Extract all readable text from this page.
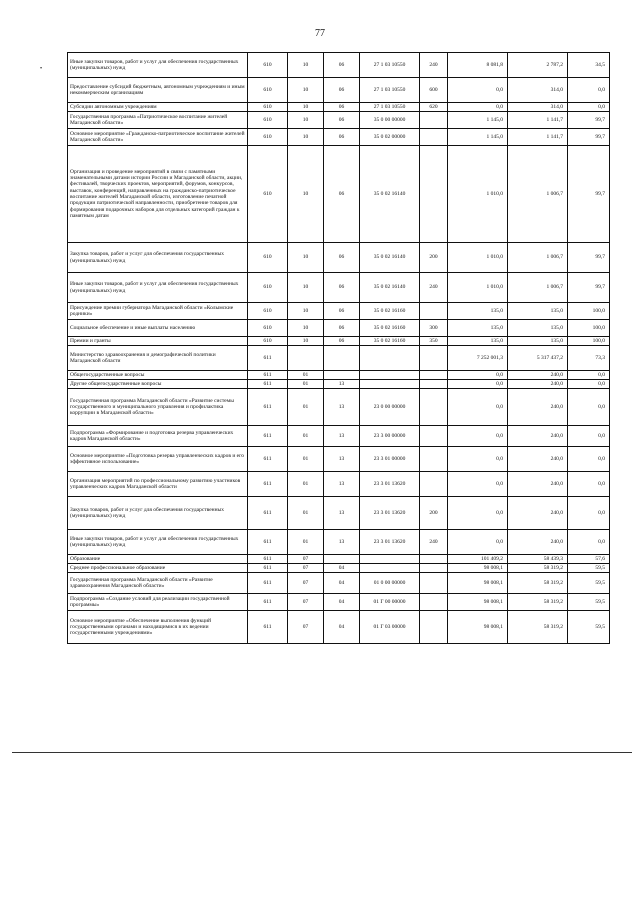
77
•
Иные закупки товаров, работ и услуг для обеспечения государственных (муниципальных) нужд	610	10	06	27 1 03 10550	240	8 081,8	2 787,2	34,5
Предоставление субсидий бюджетным, автономным учреждениям и иным некоммерческим организациям	610	10	06	27 1 03 10550	600	0,0	314,0	0,0
Субсидии автономным учреждениям	610	10	06	27 1 03 10550	620	0,0	314,0	0,0
Государственная программа «Патриотическое воспитание жителей Магаданской области»	610	10	06	35 0 00 00000		1 145,0	1 141,7	99,7
Основное мероприятие «Гражданско-патриотическое воспитание жителей Магаданской области»	610	10	06	35 0 02 00000		1 145,0	1 141,7	99,7
Организация и проведение мероприятий в связи с памятными знаменательными датами истории России и Магаданской области, акции, фестивалей, творческих проектов, мероприятий, форумов, конкурсов, выставок, конференций, направленных на гражданско-патриотическое воспитание жителей Магаданской области, изготовление печатной продукции патриотической направленности, приобретение товаров для формирования подарочных наборов для отдельных категорий граждан к памятным датам	610	10	06	35 0 02 16140		1 010,0	1 006,7	99,7
Закупка товаров, работ и услуг для обеспечения государственных (муниципальных) нужд	610	10	06	35 0 02 16140	200	1 010,0	1 006,7	99,7
Иные закупки товаров, работ и услуг для обеспечения государственных (муниципальных) нужд	610	10	06	35 0 02 16140	240	1 010,0	1 006,7	99,7
Присуждение премии губернатора Магаданской области «Колымские родники»	610	10	06	35 0 02 16160		135,0	135,0	100,0
Социальное обеспечение и иные выплаты населению	610	10	06	35 0 02 16160	300	135,0	135,0	100,0
Премии и гранты	610	10	06	35 0 02 16160	350	135,0	135,0	100,0
Министерство здравоохранения и демографической политики Магаданской области	611					7 252 001,3	5 317 437,2	73,3
Общегосударственные вопросы	611	01				0,0	240,0	0,0
Другие общегосударственные вопросы	611	01	13			0,0	240,0	0,0
Государственная программа Магаданской области «Развитие системы государственного и муниципального управления и профилактика коррупции в Магаданской области»	611	01	13	23 0 00 00000		0,0	240,0	0,0
Подпрограмма «Формирование и подготовка резерва управленческих кадров Магаданской области»	611	01	13	23 3 00 00000		0,0	240,0	0,0
Основное мероприятие «Подготовка резерва управленческих кадров и его эффективное использование»	611	01	13	23 3 01 00000		0,0	240,0	0,0
Организация мероприятий по профессиональному развитию участников управленческих кадров Магаданской области	611	01	13	23 3 01 13620		0,0	240,0	0,0
Закупка товаров, работ и услуг для обеспечения государственных (муниципальных) нужд	611	01	13	23 3 01 13620	200	0,0	240,0	0,0
Иные закупки товаров, работ и услуг для обеспечения государственных (муниципальных) нужд	611	01	13	23 3 01 13620	240	0,0	240,0	0,0
Образование	611	07				101 409,2	58 439,3	57,6
Среднее профессиональное образование	611	07	04			98 008,1	58 319,2	59,5
Государственная программа Магаданской области «Развитие здравоохранения Магаданской области»	611	07	04	01 0 00 00000		98 008,1	58 319,2	59,5
Подпрограмма «Создание условий для реализации государственной программы»	611	07	04	01 Г 00 00000		98 008,1	58 319,2	59,5
Основное мероприятие «Обеспечение выполнения функций государственными органами и находящимися в их ведении государственными учреждениями»	611	07	04	01 Г 03 00000		98 008,1	58 319,2	59,5
